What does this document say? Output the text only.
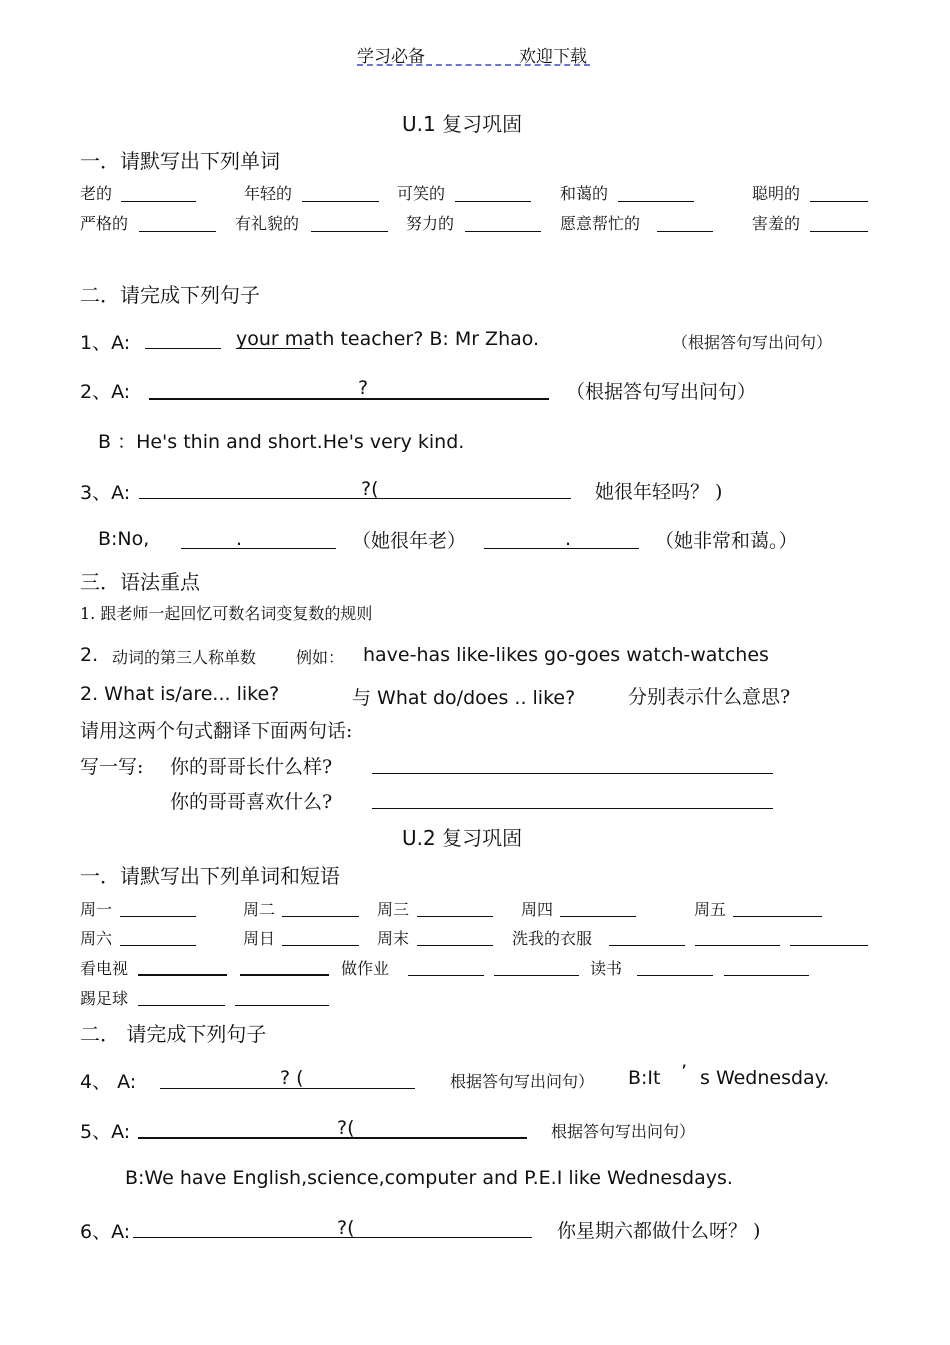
学习必备	欢迎下载
U.1 复习巩固
一．请默写出下列单词
老的	年轻的	可笑的	和蔼的	聪明的
严格的	有礼貌的	努力的	愿意帮忙的	害羞的
二．请完成下列句子
1、A:	your math teacher? B: Mr Zhao.	（根据答句写出问句）
2、A:	?	（根据答句写出问句）
B ：He's thin and short.He's very kind.
3、A:	?(	她很年轻吗？ )
B:No,	.	（她很年老）	.	（她非常和蔼。）
三．语法重点
1. 跟老师一起回忆可数名词变复数的规则
2. 动词的第三人称单数 例如： have-has like-likes go-goes watch-watches
2. What is/are... like?	与 What do/does .. like?	分别表示什么意思?
请用这两个句式翻译下面两句话:
写一写: 你的哥哥长什么样?
你的哥哥喜欢什么?
U.2 复习巩固
一．请默写出下列单词和短语
周一	周二	周三	周四	周五
周六	周日	周末	洗我的衣服
看电视	做作业	读书
踢足球
二． 请完成下列句子
4、 A:	? (	根据答句写出问句） B:It ’ s Wednesday.
5、A:	?(	根据答句写出问句）
B:We have English,science,computer and P.E.I like Wednesdays.
6、A:	?(	你星期六都做什么呀？ )
